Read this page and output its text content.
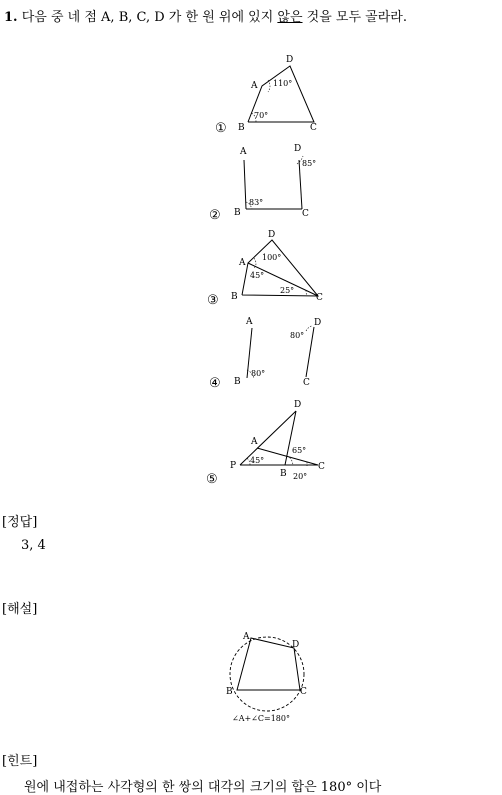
1. 다음 중 네 점 A, B, C, D 가 한 원 위에 있지 않은 것을 모두 골라라.
①
D
A
B	C
110°
70°
②
A	D
85°
B
83°
C
③
D
A
100°
45°
25°
B	C
A	D
80°
④ B
80°
C
D
A
65°
45°
P
B 20°
C
⑤
[정답]
3, 4
[해설]
A
D
B	C
∠A+∠C=180°
[힌트]
원에 내접하는 사각형의 한 쌍의 대각의 크기의 합은 180° 이다
